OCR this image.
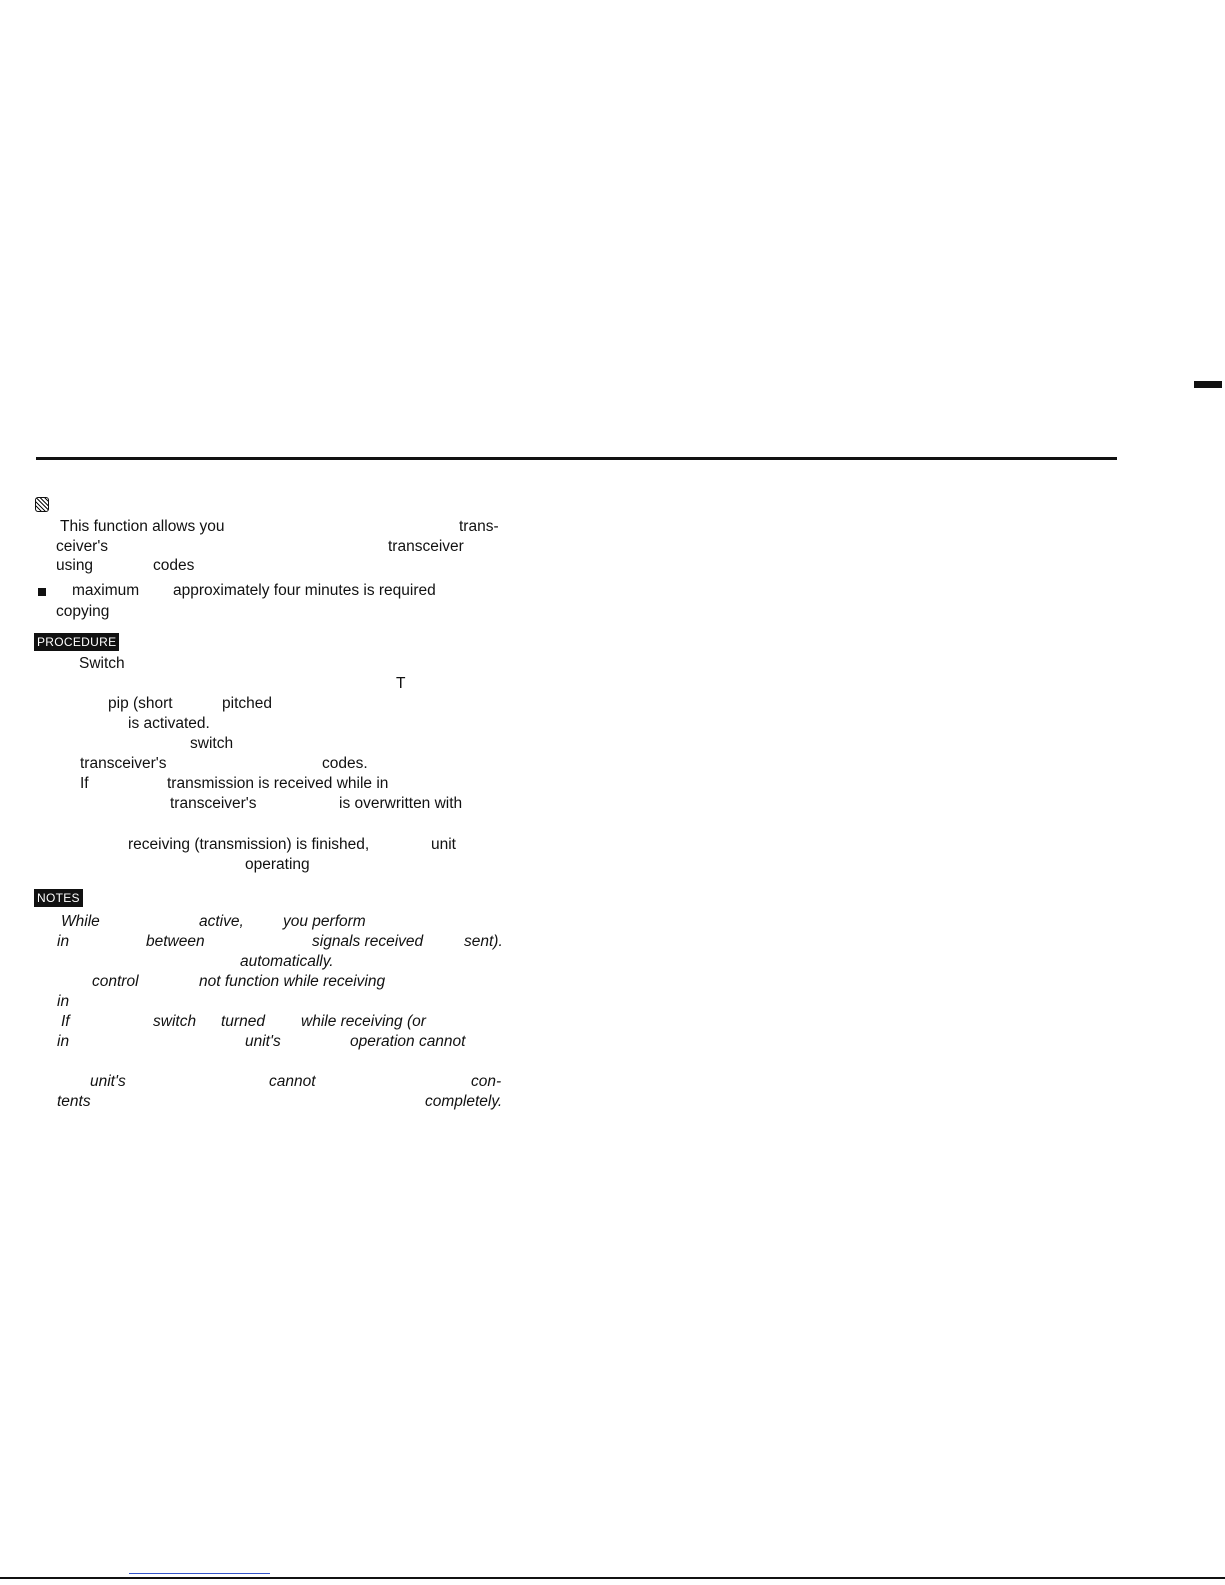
This function allows you	trans-
ceiver's	transceiver
using	codes
maximum approximately four minutes is required
copying
PROCEDURE
Switch
T
pip (short	pitched
is activated.
switch
transceiver's	codes.
If	transmission is received while in
transceiver's	is overwritten with
receiving (transmission) is finished,	unit
operating
NOTES
While	active,	you perform
in	between	signals received	sent).
automatically.
control	not function while receiving
in
If	switch turned while receiving (or
in	unit's	operation cannot
unit's	cannot	con-
tents	completely.
